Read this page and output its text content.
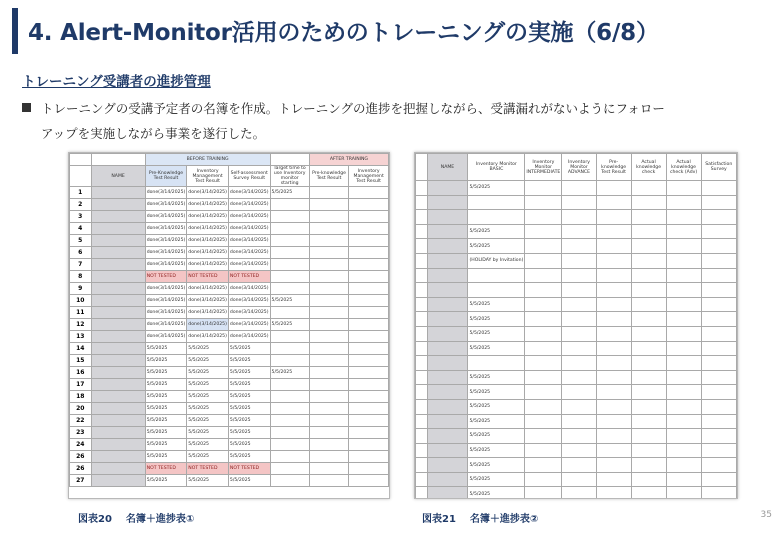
4. Alert-Monitor活用のためのトレーニングの実施（6/8）
トレーニング受講者の進捗管理
トレーニングの受講予定者の名簿を作成。トレーニングの進捗を把握しながら、受講漏れがないようにフォロー
アップを実施しながら事業を遂行した。
		BEFORE TRAINING				AFTER TRAINING	
	NAME	Pre-Knowledge Test Result	Inventory Management Test Result	Self-assessment Survey Result	Target time to use Inventory monitor starting	Pre-knowledge Test Result	Inventory Management Test Result
1		done(3/14/2025)	done(3/14/2025)	done(3/14/2025)	5/5/2025		
2		done(3/14/2025)	done(3/14/2025)	done(3/14/2025)			
3		done(3/14/2025)	done(3/14/2025)	done(3/14/2025)			
4		done(3/14/2025)	done(3/14/2025)	done(3/14/2025)			
5		done(3/14/2025)	done(3/14/2025)	done(3/14/2025)			
6		done(3/14/2025)	done(3/14/2025)	done(3/14/2025)			
7		done(3/14/2025)	done(3/14/2025)	done(3/14/2025)			
8		NOT TESTED	NOT TESTED	NOT TESTED			
9		done(3/14/2025)	done(3/14/2025)	done(3/14/2025)			
10		done(3/14/2025)	done(3/14/2025)	done(3/14/2025)	5/5/2025		
11		done(3/14/2025)	done(3/14/2025)	done(3/14/2025)			
12		done(3/14/2025)	done(3/14/2025)	done(3/14/2025)	5/5/2025		
13		done(3/14/2025)	done(3/14/2025)	done(3/14/2025)			
14		5/5/2025	5/5/2025	5/5/2025			
15		5/5/2025	5/5/2025	5/5/2025			
16		5/5/2025	5/5/2025	5/5/2025	5/5/2025		
17		5/5/2025	5/5/2025	5/5/2025			
18		5/5/2025	5/5/2025	5/5/2025			
20		5/5/2025	5/5/2025	5/5/2025			
22		5/5/2025	5/5/2025	5/5/2025			
23		5/5/2025	5/5/2025	5/5/2025			
24		5/5/2025	5/5/2025	5/5/2025			
26		5/5/2025	5/5/2025	5/5/2025			
26		NOT TESTED	NOT TESTED	NOT TESTED			
27		5/5/2025	5/5/2025	5/5/2025			
	NAME	Inventory Monitor BASIC	Inventory Monitor INTERMEDIATE	Inventory Monitor ADVANCE	Pre-knowledge Test Result	Actual knowledge check	Actual knowledge check (Adv)	Satisfaction Survey
		5/5/2025						

		5/5/2025						
		5/5/2025						
		(HOLIDAY by Invitation)						

		5/5/2025						
		5/5/2025						
		5/5/2025						
		5/5/2025						

		5/5/2025						
		5/5/2025						
		5/5/2025						
		5/5/2025						
		5/5/2025						
		5/5/2025						
		5/5/2025						
		5/5/2025						
		5/5/2025						

図表20 名簿＋進捗表①	図表21 名簿＋進捗表②	35
